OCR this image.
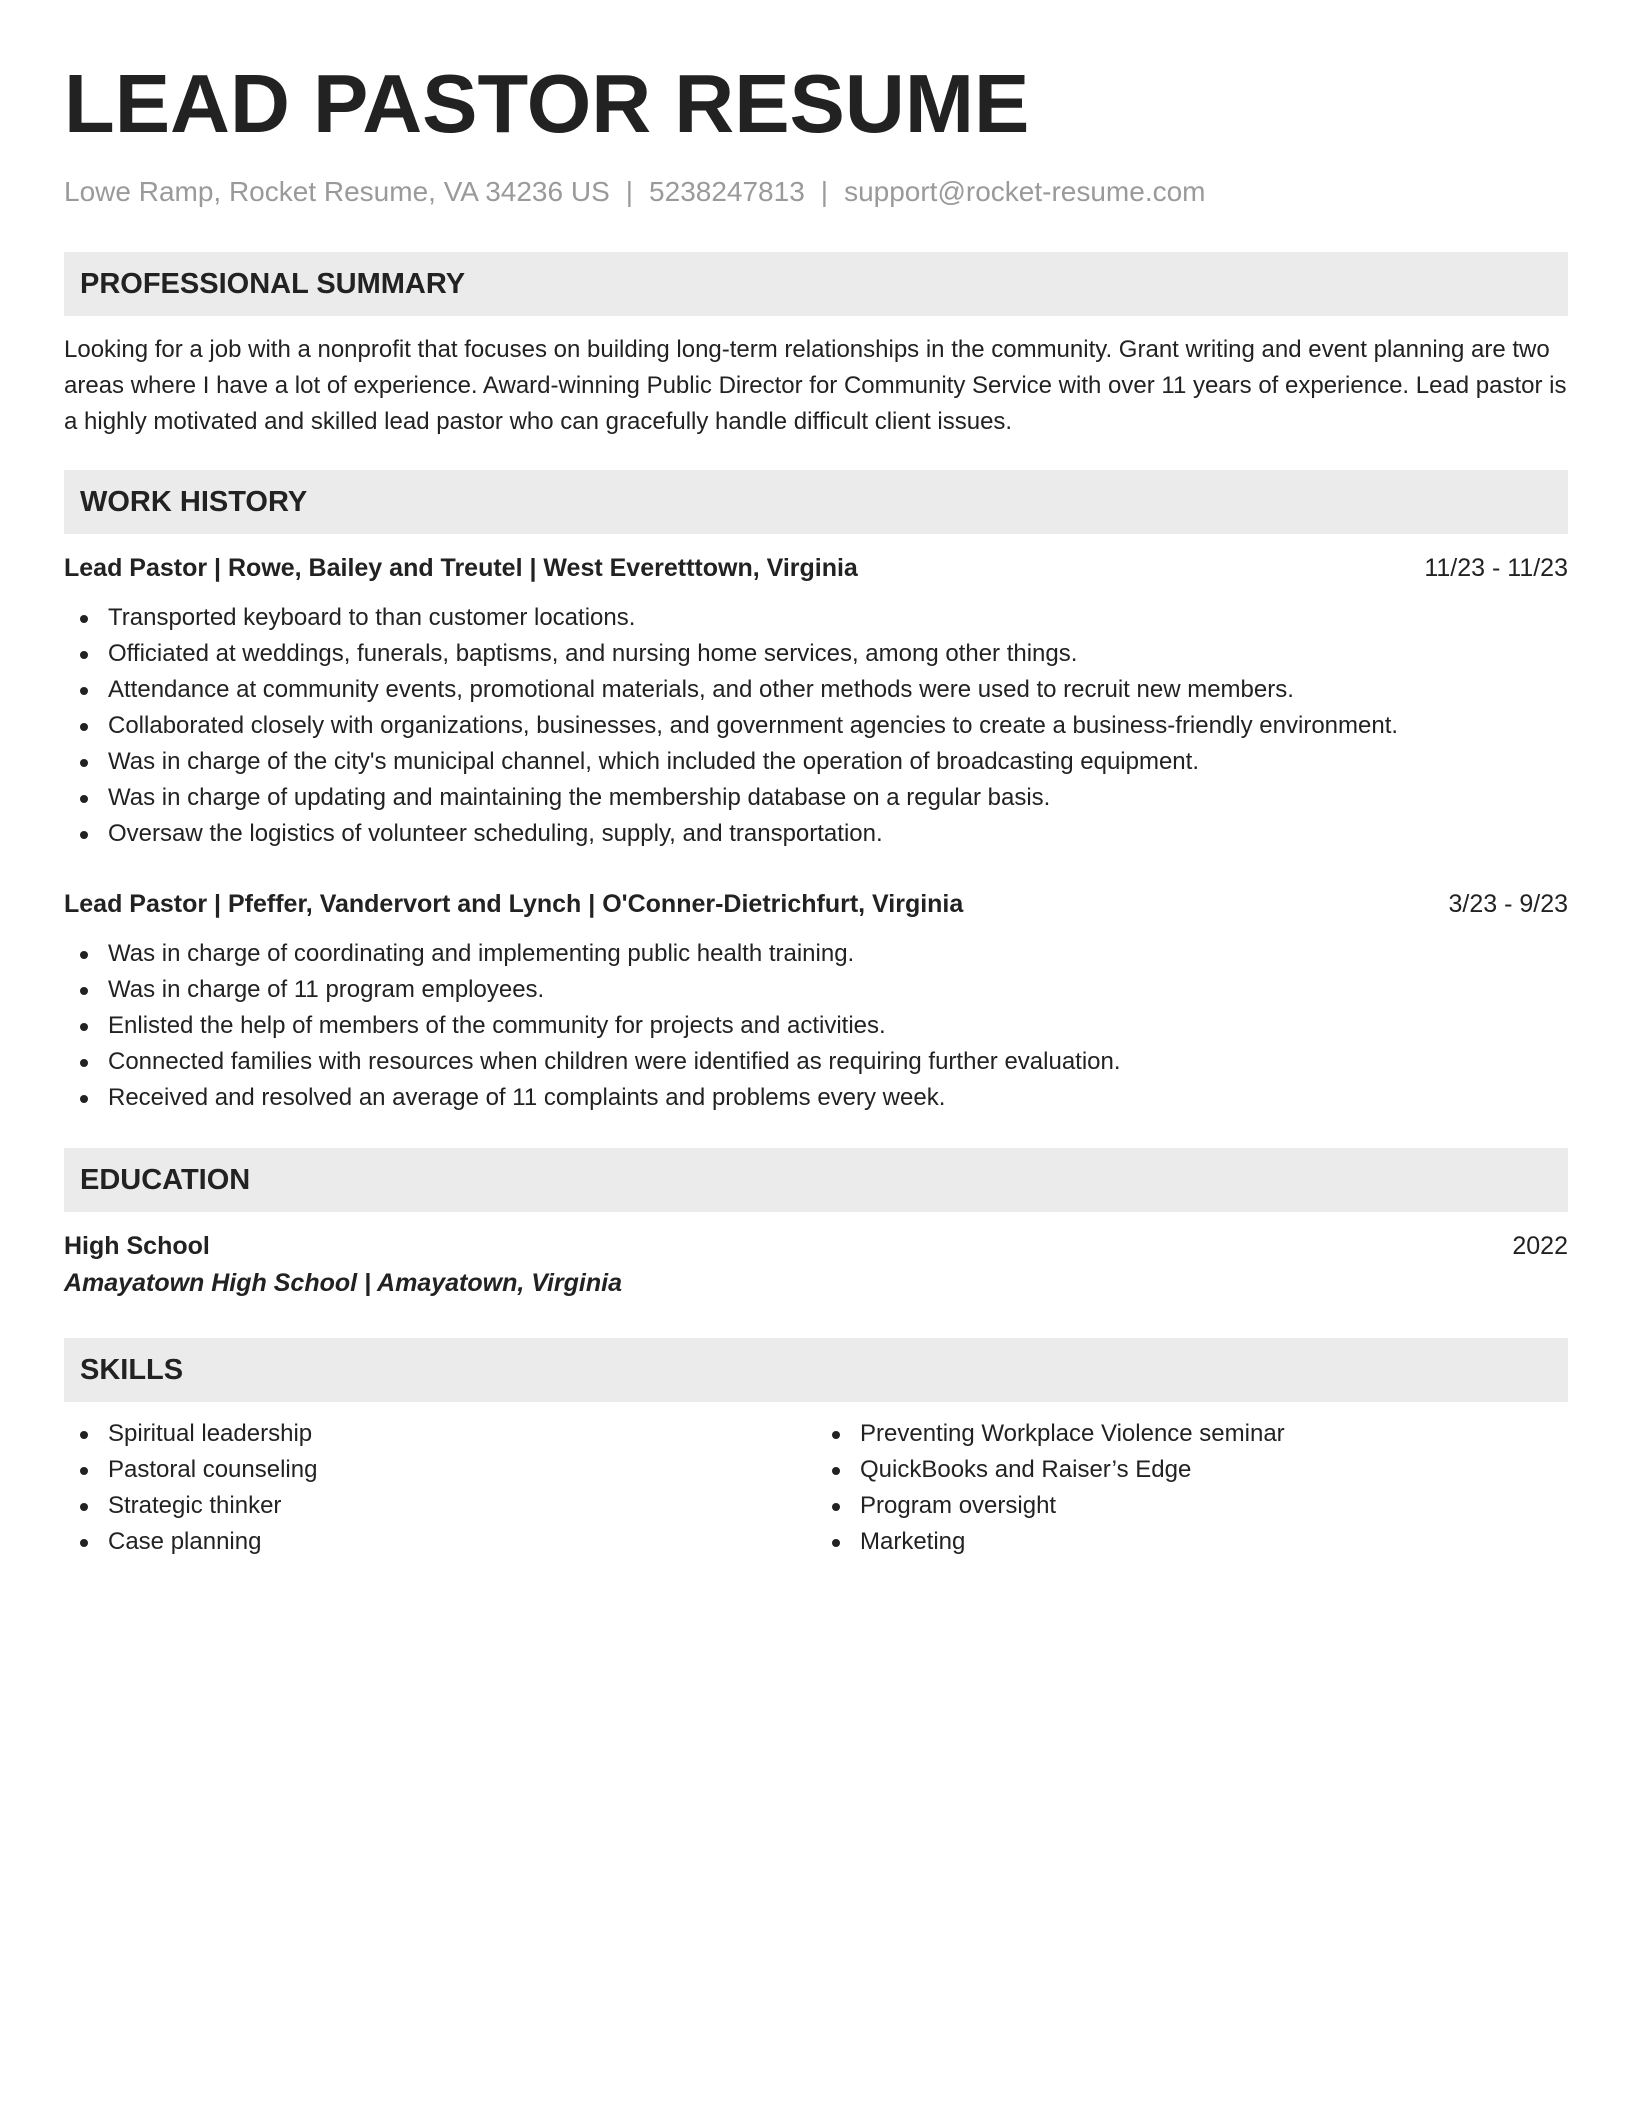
LEAD PASTOR RESUME
Lowe Ramp, Rocket Resume, VA 34236 US | 5238247813 | support@rocket-resume.com
PROFESSIONAL SUMMARY
Looking for a job with a nonprofit that focuses on building long-term relationships in the community. Grant writing and event planning are two areas where I have a lot of experience. Award-winning Public Director for Community Service with over 11 years of experience. Lead pastor is a highly motivated and skilled lead pastor who can gracefully handle difficult client issues.
WORK HISTORY
Lead Pastor | Rowe, Bailey and Treutel | West Everetttown, Virginia	11/23 - 11/23
Transported keyboard to than customer locations.
Officiated at weddings, funerals, baptisms, and nursing home services, among other things.
Attendance at community events, promotional materials, and other methods were used to recruit new members.
Collaborated closely with organizations, businesses, and government agencies to create a business-friendly environment.
Was in charge of the city's municipal channel, which included the operation of broadcasting equipment.
Was in charge of updating and maintaining the membership database on a regular basis.
Oversaw the logistics of volunteer scheduling, supply, and transportation.
Lead Pastor | Pfeffer, Vandervort and Lynch | O'Conner-Dietrichfurt, Virginia	3/23 - 9/23
Was in charge of coordinating and implementing public health training.
Was in charge of 11 program employees.
Enlisted the help of members of the community for projects and activities.
Connected families with resources when children were identified as requiring further evaluation.
Received and resolved an average of 11 complaints and problems every week.
EDUCATION
High School	2022
Amayatown High School | Amayatown, Virginia
SKILLS
Spiritual leadership
Pastoral counseling
Strategic thinker
Case planning
Preventing Workplace Violence seminar
QuickBooks and Raiser’s Edge
Program oversight
Marketing
